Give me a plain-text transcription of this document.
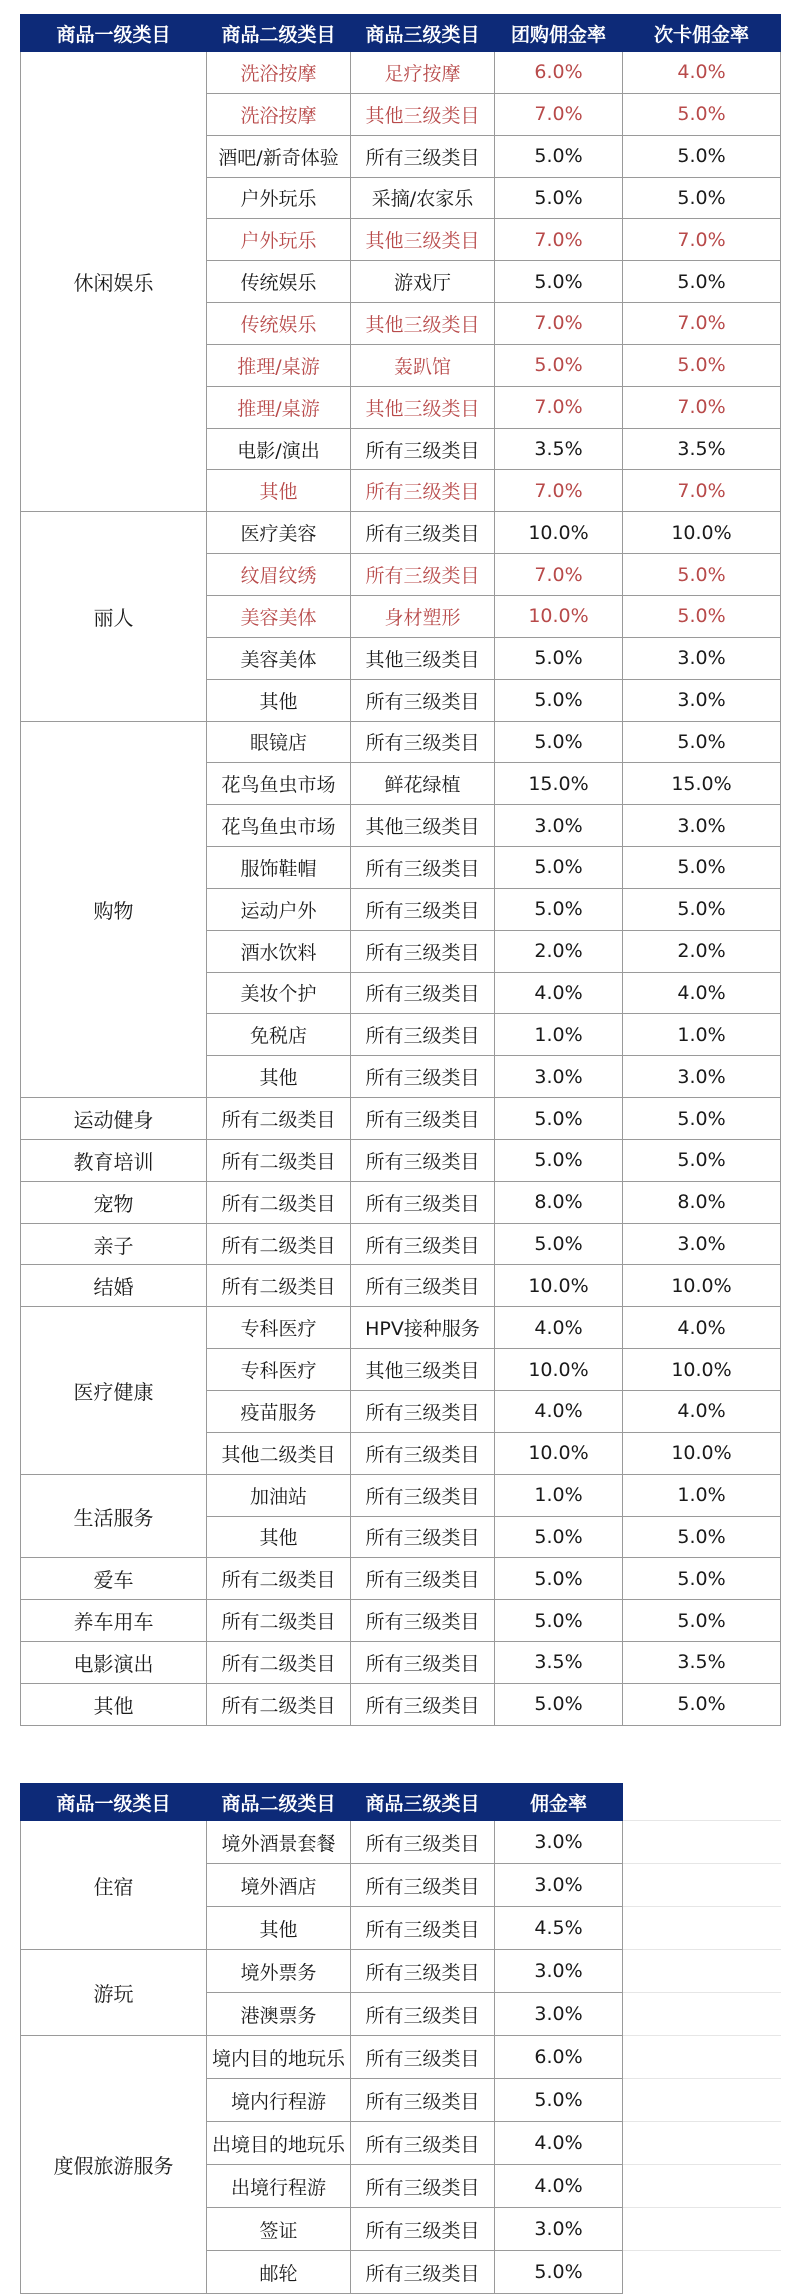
商品一级类目	商品二级类目	商品三级类目	团购佣金率	次卡佣金率
休闲娱乐	洗浴按摩	足疗按摩	6.0%	4.0%
	洗浴按摩	其他三级类目	7.0%	5.0%
	酒吧/新奇体验	所有三级类目	5.0%	5.0%
	户外玩乐	采摘/农家乐	5.0%	5.0%
	户外玩乐	其他三级类目	7.0%	7.0%
	传统娱乐	游戏厅	5.0%	5.0%
	传统娱乐	其他三级类目	7.0%	7.0%
	推理/桌游	轰趴馆	5.0%	5.0%
	推理/桌游	其他三级类目	7.0%	7.0%
	电影/演出	所有三级类目	3.5%	3.5%
	其他	所有三级类目	7.0%	7.0%
丽人	医疗美容	所有三级类目	10.0%	10.0%
	纹眉纹绣	所有三级类目	7.0%	5.0%
	美容美体	身材塑形	10.0%	5.0%
	美容美体	其他三级类目	5.0%	3.0%
	其他	所有三级类目	5.0%	3.0%
购物	眼镜店	所有三级类目	5.0%	5.0%
	花鸟鱼虫市场	鲜花绿植	15.0%	15.0%
	花鸟鱼虫市场	其他三级类目	3.0%	3.0%
	服饰鞋帽	所有三级类目	5.0%	5.0%
	运动户外	所有三级类目	5.0%	5.0%
	酒水饮料	所有三级类目	2.0%	2.0%
	美妆个护	所有三级类目	4.0%	4.0%
	免税店	所有三级类目	1.0%	1.0%
	其他	所有三级类目	3.0%	3.0%
运动健身	所有二级类目	所有三级类目	5.0%	5.0%
教育培训	所有二级类目	所有三级类目	5.0%	5.0%
宠物	所有二级类目	所有三级类目	8.0%	8.0%
亲子	所有二级类目	所有三级类目	5.0%	3.0%
结婚	所有二级类目	所有三级类目	10.0%	10.0%
医疗健康	专科医疗	HPV接种服务	4.0%	4.0%
	专科医疗	其他三级类目	10.0%	10.0%
	疫苗服务	所有三级类目	4.0%	4.0%
	其他二级类目	所有三级类目	10.0%	10.0%
生活服务	加油站	所有三级类目	1.0%	1.0%
	其他	所有三级类目	5.0%	5.0%
爱车	所有二级类目	所有三级类目	5.0%	5.0%
养车用车	所有二级类目	所有三级类目	5.0%	5.0%
电影演出	所有二级类目	所有三级类目	3.5%	3.5%
其他	所有二级类目	所有三级类目	5.0%	5.0%
商品一级类目	商品二级类目	商品三级类目	佣金率	
住宿	境外酒景套餐	所有三级类目	3.0%	
	境外酒店	所有三级类目	3.0%	
	其他	所有三级类目	4.5%	
游玩	境外票务	所有三级类目	3.0%	
	港澳票务	所有三级类目	3.0%	
度假旅游服务	境内目的地玩乐	所有三级类目	6.0%	
	境内行程游	所有三级类目	5.0%	
	出境目的地玩乐	所有三级类目	4.0%	
	出境行程游	所有三级类目	4.0%	
	签证	所有三级类目	3.0%	
	邮轮	所有三级类目	5.0%	
